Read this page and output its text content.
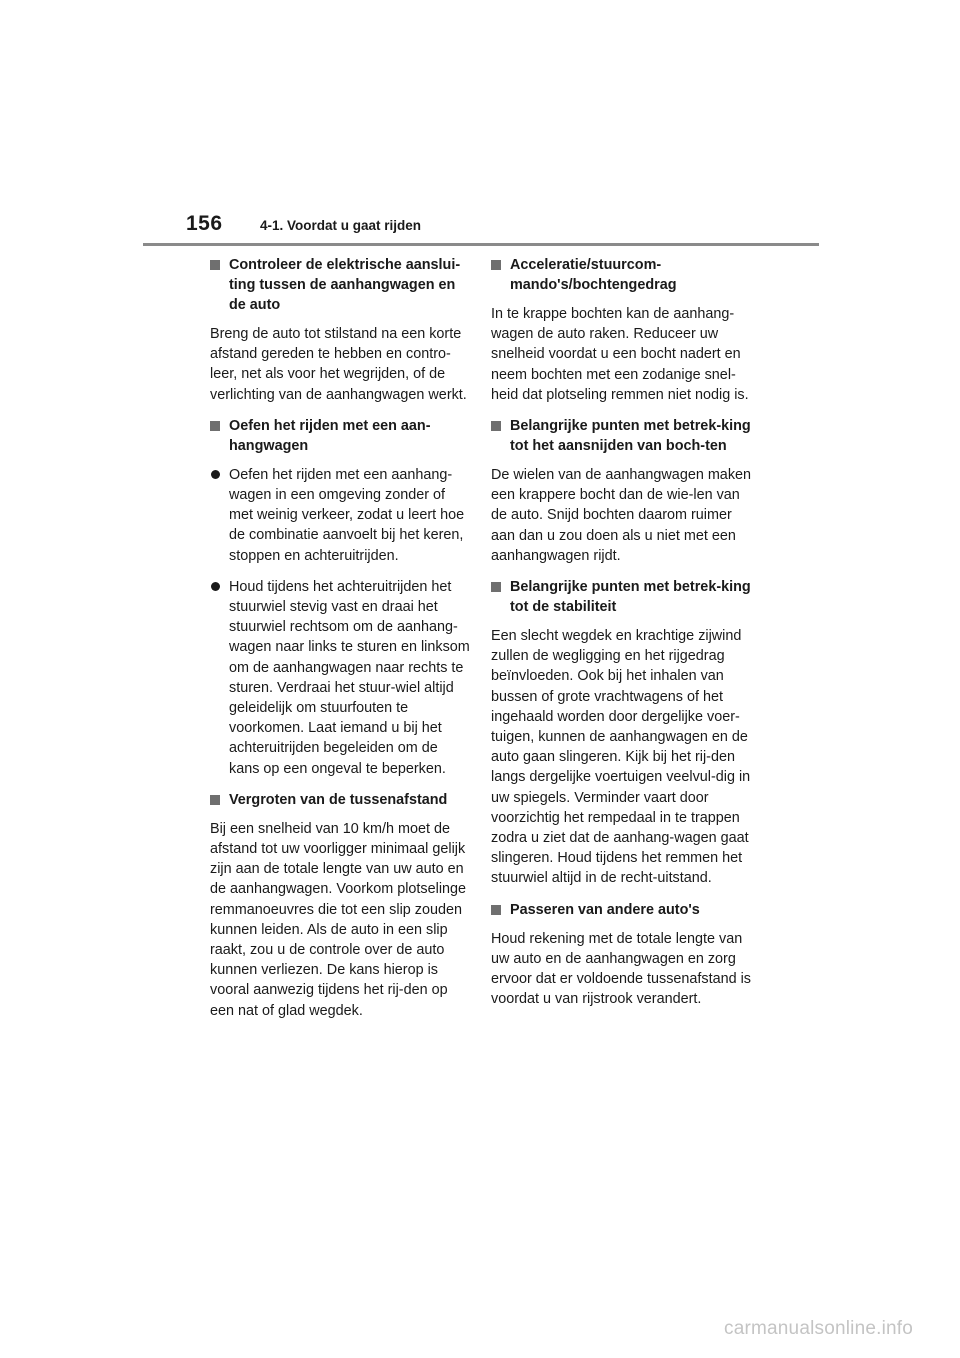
156	4-1. Voordat u gaat rijden
Controleer de elektrische aanslui-ting tussen de aanhangwagen en de auto

Breng de auto tot stilstand na een korte afstand gereden te hebben en contro-leer, net als voor het wegrijden, of de verlichting van de aanhangwagen werkt.

Oefen het rijden met een aan-hangwagen
Oefen het rijden met een aanhang-wagen in een omgeving zonder of met weinig verkeer, zodat u leert hoe de combinatie aanvoelt bij het keren, stoppen en achteruitrijden.
Houd tijdens het achteruitrijden het stuurwiel stevig vast en draai het stuurwiel rechtsom om de aanhang-wagen naar links te sturen en linksom om de aanhangwagen naar rechts te sturen. Verdraai het stuur-wiel altijd geleidelijk om stuurfouten te voorkomen. Laat iemand u bij het achteruitrijden begeleiden om de kans op een ongeval te beperken.
Vergroten van de tussenafstand

Bij een snelheid van 10 km/h moet de afstand tot uw voorligger minimaal gelijk zijn aan de totale lengte van uw auto en de aanhangwagen. Voorkom plotselinge remmanoeuvres die tot een slip zouden kunnen leiden. Als de auto in een slip raakt, zou u de controle over de auto kunnen verliezen. De kans hierop is vooral aanwezig tijdens het rij-den op een nat of glad wegdek.

Acceleratie/stuurcom-mando's/bochtengedrag

In te krappe bochten kan de aanhang-wagen de auto raken. Reduceer uw snelheid voordat u een bocht nadert en neem bochten met een zodanige snel-heid dat plotseling remmen niet nodig is.

Belangrijke punten met betrek-king tot het aansnijden van boch-ten

De wielen van de aanhangwagen maken een krappere bocht dan de wie-len van de auto. Snijd bochten daarom ruimer aan dan u zou doen als u niet met een aanhangwagen rijdt.

Belangrijke punten met betrek-king tot de stabiliteit

Een slecht wegdek en krachtige zijwind zullen de wegligging en het rijgedrag beïnvloeden. Ook bij het inhalen van bussen of grote vrachtwagens of het ingehaald worden door dergelijke voer-tuigen, kunnen de aanhangwagen en de auto gaan slingeren. Kijk bij het rij-den langs dergelijke voertuigen veelvul-dig in uw spiegels. Verminder vaart door voorzichtig het rempedaal in te trappen zodra u ziet dat de aanhang-wagen gaat slingeren. Houd tijdens het remmen het stuurwiel altijd in de recht-uitstand.

Passeren van andere auto's

Houd rekening met de totale lengte van uw auto en de aanhangwagen en zorg ervoor dat er voldoende tussenafstand is voordat u van rijstrook verandert.

carmanualsonline.info
